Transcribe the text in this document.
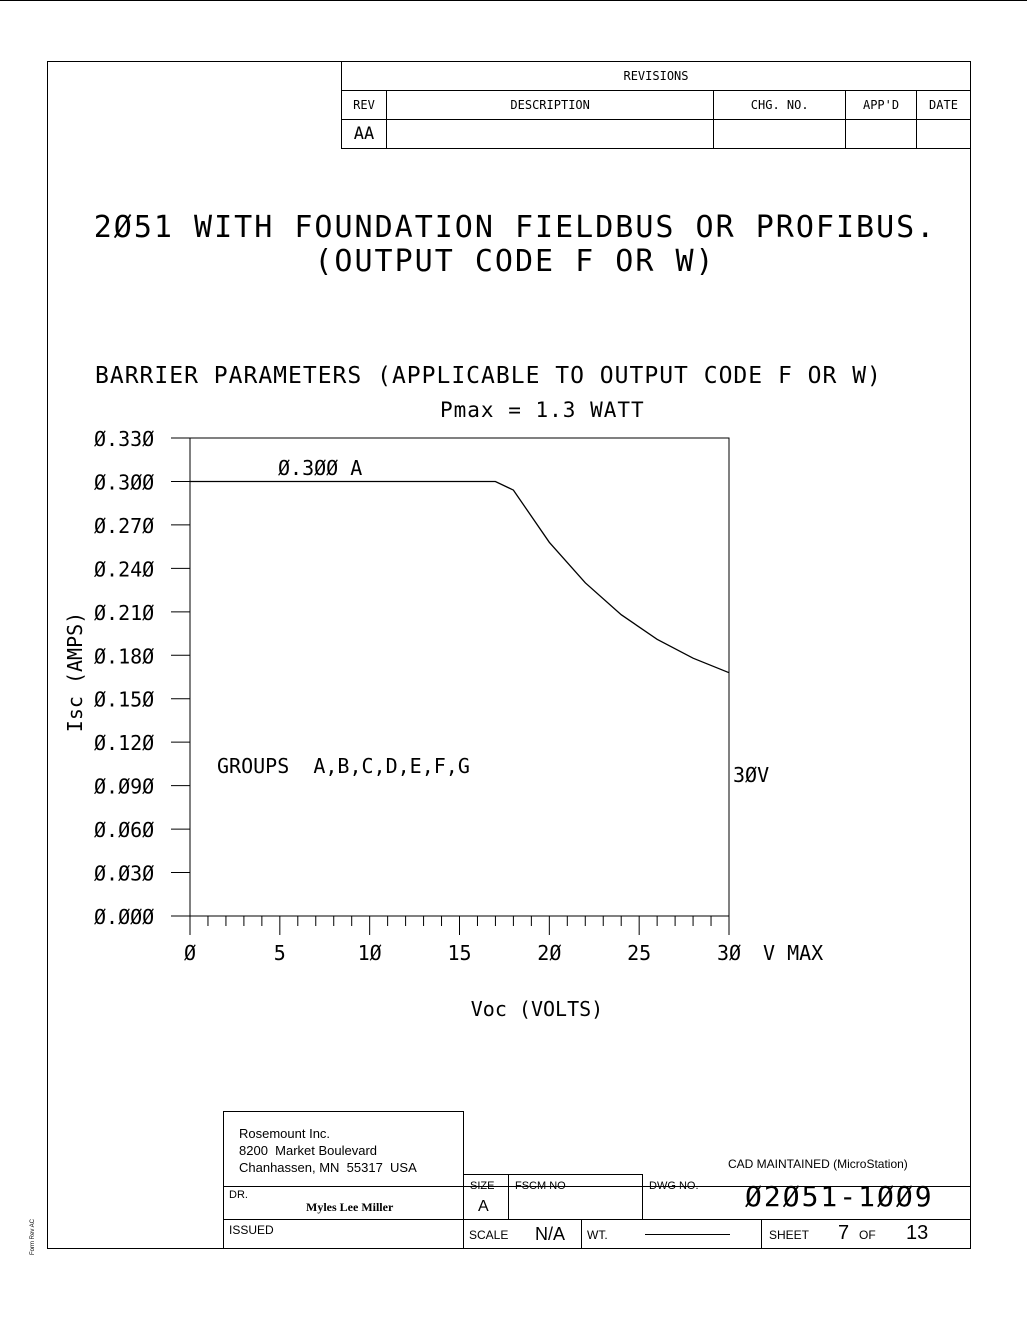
REVISIONS				
REV	DESCRIPTION	CHG. NO.	APP'D	DATE
AA				
2Ø51 WITH FOUNDATION FIELDBUS OR PROFIBUS.
(OUTPUT CODE F OR W)
BARRIER PARAMETERS (APPLICABLE TO OUTPUT CODE F OR W)
Pmax = 1.3 WATT
Ø.ØØØ
Ø.Ø3Ø
Ø.Ø6Ø
Ø.Ø9Ø
Ø.12Ø
Ø.15Ø
Ø.18Ø
Ø.21Ø
Ø.24Ø
Ø.27Ø
Ø.3ØØ
Ø.33Ø
Ø	5	1Ø	15	2Ø	25	3Ø
Isc (AMPS)
Voc (VOLTS)
V MAX
Ø.3ØØ A
GROUPS  A,B,C,D,E,F,G	3ØV
Rosemount Inc.
8200  Market Boulevard
Chanhassen, MN  55317  USA
DR.
Myles Lee Miller
ISSUED
CAD MAINTAINED (MicroStation)
SIZE
A
FSCM NO	DWG NO. Ø2Ø51-1ØØ9
SCALE N/A WT.	SHEET 7 OF 13
Form Rev AC
